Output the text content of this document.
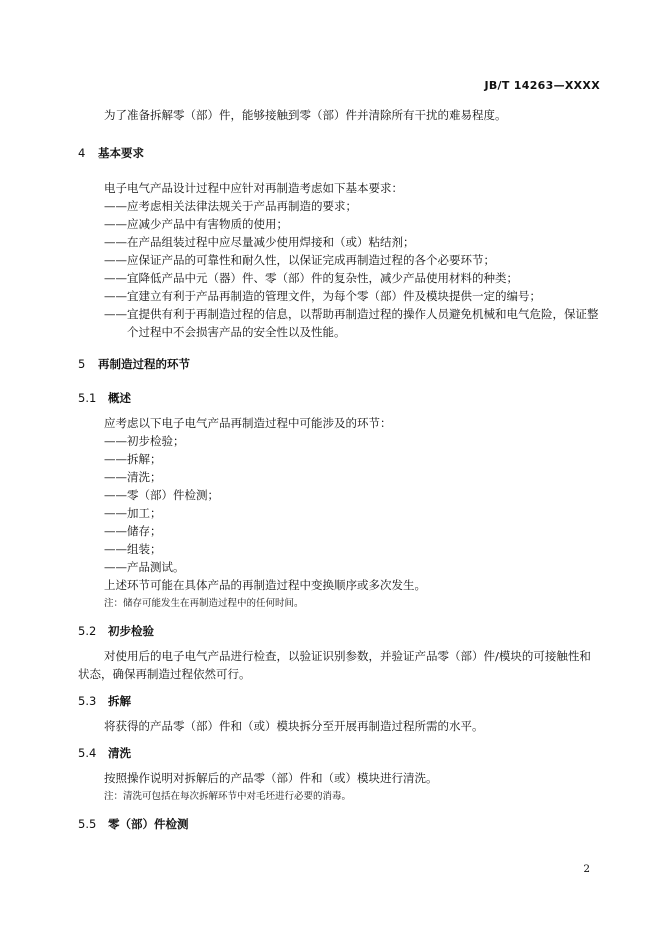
JB/T 14263—XXXX
为了准备拆解零（部）件，能够接触到零（部）件并清除所有干扰的难易程度。
4 基本要求
电子电气产品设计过程中应针对再制造考虑如下基本要求：
——应考虑相关法律法规关于产品再制造的要求；
——应减少产品中有害物质的使用；
——在产品组装过程中应尽量减少使用焊接和（或）粘结剂；
——应保证产品的可靠性和耐久性，以保证完成再制造过程的各个必要环节；
——宜降低产品中元（器）件、零（部）件的复杂性，减少产品使用材料的种类；
——宜建立有利于产品再制造的管理文件，为每个零（部）件及模块提供一定的编号；
——宜提供有利于再制造过程的信息，以帮助再制造过程的操作人员避免机械和电气危险，保证整
个过程中不会损害产品的安全性以及性能。
5 再制造过程的环节
5.1 概述
应考虑以下电子电气产品再制造过程中可能涉及的环节：
——初步检验；
——拆解；
——清洗；
——零（部）件检测；
——加工；
——储存；
——组装；
——产品测试。
上述环节可能在具体产品的再制造过程中变换顺序或多次发生。
注：储存可能发生在再制造过程中的任何时间。
5.2 初步检验
对使用后的电子电气产品进行检查，以验证识别参数，并验证产品零（部）件/模块的可接触性和
状态，确保再制造过程依然可行。
5.3 拆解
将获得的产品零（部）件和（或）模块拆分至开展再制造过程所需的水平。
5.4 清洗
按照操作说明对拆解后的产品零（部）件和（或）模块进行清洗。
注：清洗可包括在每次拆解环节中对毛坯进行必要的消毒。
5.5 零（部）件检测
2
